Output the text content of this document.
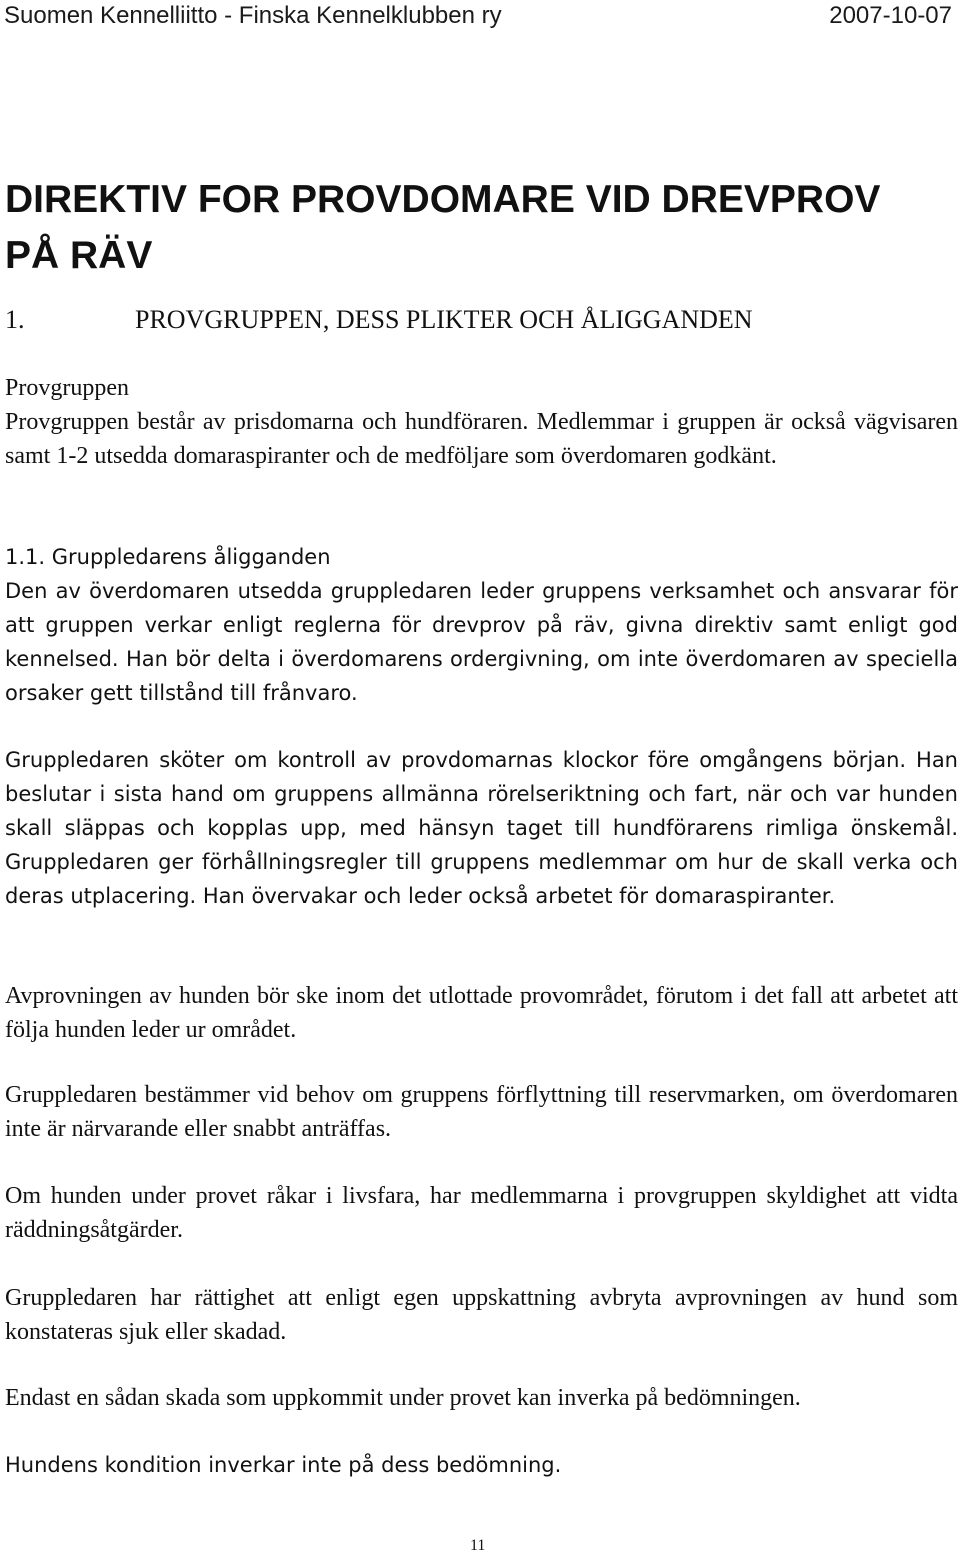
Suomen Kennelliitto - Finska Kennelklubben ry	2007-10-07
DIREKTIV FOR PROVDOMARE VID DREVPROV
PÅ RÄV
1.	PROVGRUPPEN, DESS PLIKTER OCH ÅLIGGANDEN
Provgruppen

Provgruppen består av prisdomarna och hundföraren. Medlemmar i gruppen är också vägvisaren samt 1-2 utsedda domaraspiranter och de medföljare som överdomaren godkänt.

1.1. Gruppledarens åligganden

Den av överdomaren utsedda gruppledaren leder gruppens verksamhet och ansvarar för att gruppen verkar enligt reglerna för drevprov på räv, givna direktiv samt enligt god kennelsed. Han bör delta i överdomarens ordergivning, om inte överdomaren av speciella orsaker gett tillstånd till frånvaro.

Gruppledaren sköter om kontroll av provdomarnas klockor före omgångens början. Han beslutar i sista hand om gruppens allmänna rörelseriktning och fart, när och var hunden skall släppas och kopplas upp, med hänsyn taget till hundförarens rimliga önskemål. Gruppledaren ger förhållningsregler till gruppens medlemmar om hur de skall verka och deras utplacering. Han övervakar och leder också arbetet för domaraspiranter.

Avprovningen av hunden bör ske inom det utlottade provområdet, förutom i det fall att arbetet att följa hunden leder ur området.

Gruppledaren bestämmer vid behov om gruppens förflyttning till reservmarken, om överdomaren inte är närvarande eller snabbt anträffas.

Om hunden under provet råkar i livsfara, har medlemmarna i provgruppen skyldighet att vidta räddningsåtgärder.

Gruppledaren har rättighet att enligt egen uppskattning avbryta avprovningen av hund som konstateras sjuk eller skadad.

Endast en sådan skada som uppkommit under provet kan inverka på bedömningen.

Hundens kondition inverkar inte på dess bedömning.

11
